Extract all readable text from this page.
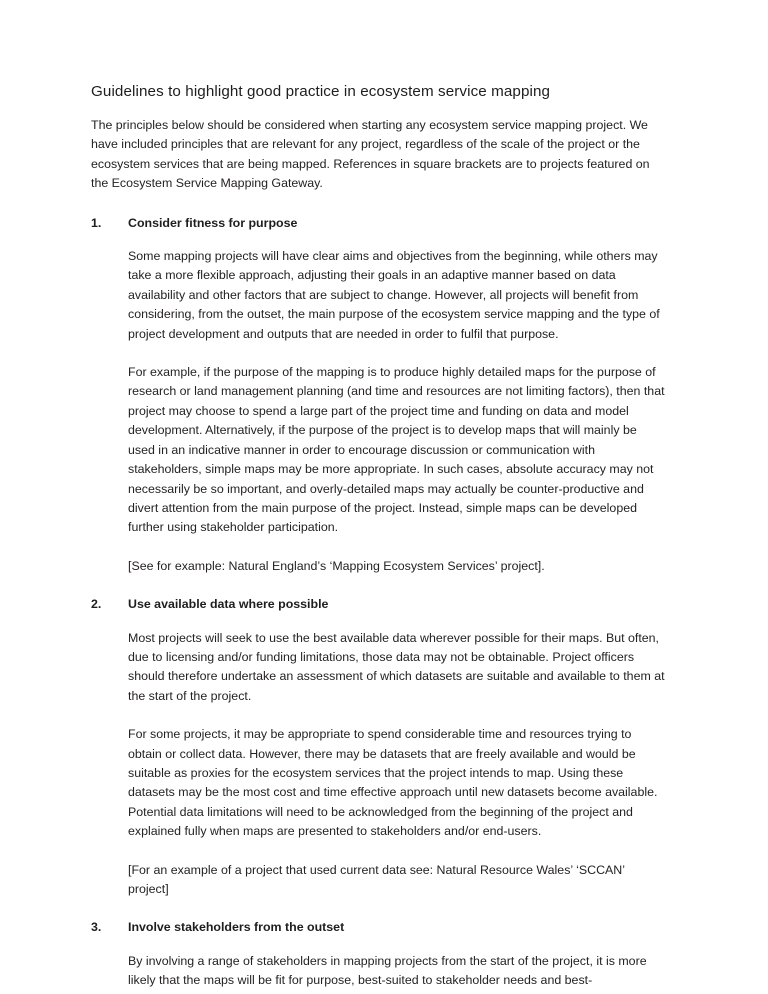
Guidelines to highlight good practice in ecosystem service mapping

The principles below should be considered when starting any ecosystem service mapping project. We have included principles that are relevant for any project, regardless of the scale of the project or the ecosystem services that are being mapped. References in square brackets are to projects featured on the Ecosystem Service Mapping Gateway.

1.	Consider fitness for purpose

Some mapping projects will have clear aims and objectives from the beginning, while others may take a more flexible approach, adjusting their goals in an adaptive manner based on data availability and other factors that are subject to change. However, all projects will benefit from considering, from the outset, the main purpose of the ecosystem service mapping and the type of project development and outputs that are needed in order to fulfil that purpose.

For example, if the purpose of the mapping is to produce highly detailed maps for the purpose of research or land management planning (and time and resources are not limiting factors), then that project may choose to spend a large part of the project time and funding on data and model development. Alternatively, if the purpose of the project is to develop maps that will mainly be used in an indicative manner in order to encourage discussion or communication with stakeholders, simple maps may be more appropriate. In such cases, absolute accuracy may not necessarily be so important, and overly-detailed maps may actually be counter-productive and divert attention from the main purpose of the project. Instead, simple maps can be developed further using stakeholder participation.

[See for example: Natural England’s ‘Mapping Ecosystem Services’ project].

2.	Use available data where possible

Most projects will seek to use the best available data wherever possible for their maps. But often, due to licensing and/or funding limitations, those data may not be obtainable. Project officers should therefore undertake an assessment of which datasets are suitable and available to them at the start of the project.

For some projects, it may be appropriate to spend considerable time and resources trying to obtain or collect data. However, there may be datasets that are freely available and would be suitable as proxies for the ecosystem services that the project intends to map. Using these datasets may be the most cost and time effective approach until new datasets become available. Potential data limitations will need to be acknowledged from the beginning of the project and explained fully when maps are presented to stakeholders and/or end-users.

[For an example of a project that used current data see: Natural Resource Wales’ ‘SCCAN’ project]

3.	Involve stakeholders from the outset

By involving a range of stakeholders in mapping projects from the start of the project, it is more likely that the maps will be fit for purpose, best-suited to stakeholder needs and best-
